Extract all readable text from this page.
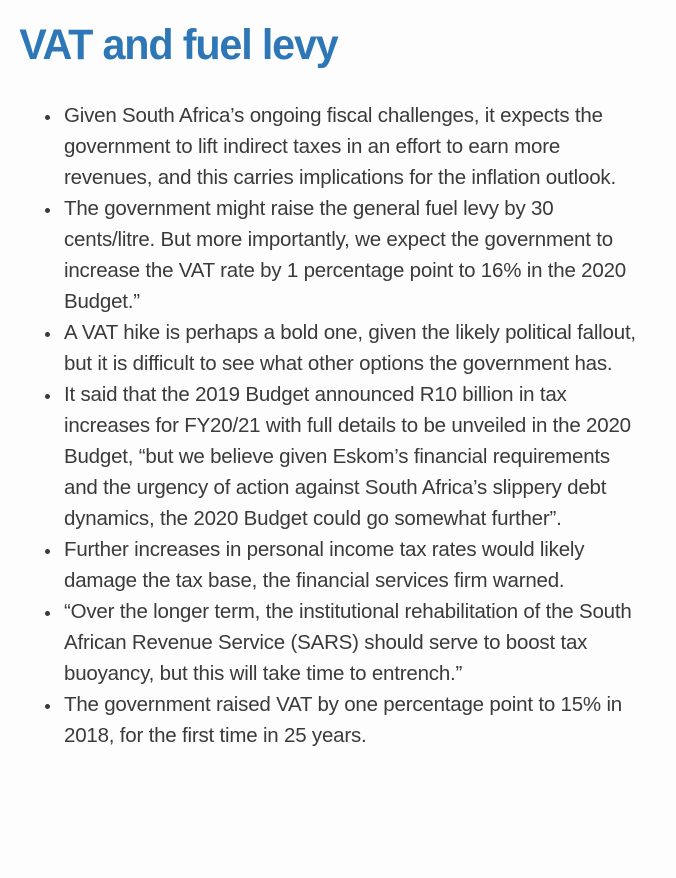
VAT and fuel levy
• Given South Africa’s ongoing fiscal challenges, it expects the government to lift indirect taxes in an effort to earn more revenues, and this carries implications for the inflation outlook.
• The government might raise the general fuel levy by 30 cents/litre. But more importantly, we expect the government to increase the VAT rate by 1 percentage point to 16% in the 2020 Budget.”
• A VAT hike is perhaps a bold one, given the likely political fallout, but it is difficult to see what other options the government has.
• It said that the 2019 Budget announced R10 billion in tax increases for FY20/21 with full details to be unveiled in the 2020 Budget, “but we believe given Eskom’s financial requirements and the urgency of action against South Africa’s slippery debt dynamics, the 2020 Budget could go somewhat further”.
• Further increases in personal income tax rates would likely damage the tax base, the financial services firm warned.
• “Over the longer term, the institutional rehabilitation of the South African Revenue Service (SARS) should serve to boost tax buoyancy, but this will take time to entrench.”
• The government raised VAT by one percentage point to 15% in 2018, for the first time in 25 years.
